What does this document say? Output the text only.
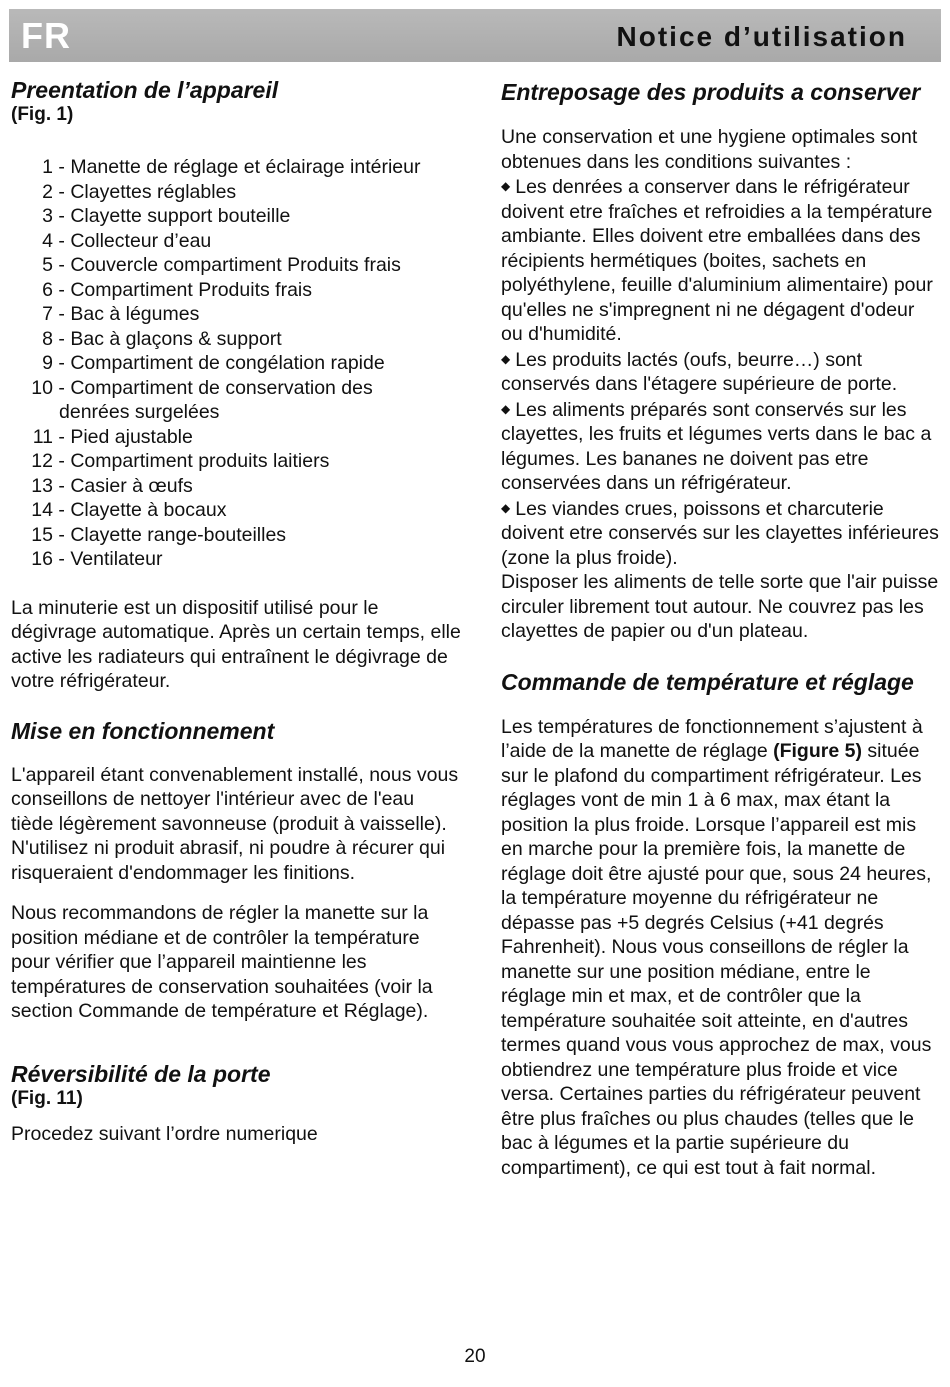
FR	Notice d’utilisation
Preentation de l’appareil
(Fig. 1)
1 - Manette de réglage et éclairage intérieur
2 - Clayettes réglables
3 - Clayette support bouteille
4 - Collecteur d’eau
5 - Couvercle compartiment Produits frais
6 - Compartiment Produits frais
7 - Bac à légumes
8 - Bac à glaçons & support
9 - Compartiment de congélation rapide
10 - Compartiment de conservation des
denrées surgelées
11 - Pied ajustable
12 - Compartiment produits laitiers
13 - Casier à œufs
14 - Clayette à bocaux
15 - Clayette range-bouteilles
16 - Ventilateur

La minuterie est un dispositif utilisé pour le dégivrage automatique. Après un certain temps, elle active les radiateurs qui entraînent le dégivrage de votre réfrigérateur.

Mise en fonctionnement

L'appareil étant convenablement installé, nous vous conseillons de nettoyer l'intérieur avec de l'eau tiède légèrement savonneuse (produit à vaisselle). N'utilisez ni produit abrasif, ni poudre à récurer qui risqueraient d'endommager les finitions.

Nous recommandons de régler la manette sur la position médiane et de contrôler la température pour vérifier que l’appareil maintienne les températures de conservation souhaitées (voir la section Commande de température et Réglage).

Réversibilité de la porte
(Fig. 11)

Procedez suivant l’ordre numerique

Entreposage des produits a conserver

Une conservation et une hygiene optimales sont obtenues dans les conditions suivantes :

◆ Les denrées a conserver dans le réfrigérateur doivent etre fraîches et refroidies a la température ambiante. Elles doivent etre emballées dans des récipients hermétiques (boites, sachets en polyéthylene, feuille d'aluminium alimentaire) pour qu'elles ne s'impregnent ni ne dégagent d'odeur ou d'humidité.

◆ Les produits lactés (oufs, beurre…) sont conservés dans l'étagere supérieure de porte.

◆ Les aliments préparés sont conservés sur les clayettes, les fruits et légumes verts dans le bac a légumes. Les bananes ne doivent pas etre conservées dans un réfrigérateur.

◆ Les viandes crues, poissons et charcuterie doivent etre conservés sur les clayettes inférieures (zone la plus froide).

Disposer les aliments de telle sorte que l'air puisse circuler librement tout autour. Ne couvrez pas les clayettes de papier ou d'un plateau.

Commande de température et réglage

Les températures de fonctionnement s’ajustent à l’aide de la manette de réglage (Figure 5) située sur le plafond du compartiment réfrigérateur. Les réglages vont de min 1 à 6 max, max étant la position la plus froide. Lorsque l’appareil est mis en marche pour la première fois, la manette de réglage doit être ajusté pour que, sous 24 heures, la température moyenne du réfrigérateur ne dépasse pas +5 degrés Celsius (+41 degrés Fahrenheit). Nous vous conseillons de régler la manette sur une position médiane, entre le réglage min et max, et de contrôler que la température souhaitée soit atteinte, en d'autres termes quand vous vous approchez de max, vous obtiendrez une température plus froide et vice versa. Certaines parties du réfrigérateur peuvent être plus fraîches ou plus chaudes (telles que le bac à légumes et la partie supérieure du compartiment), ce qui est tout à fait normal.

20
